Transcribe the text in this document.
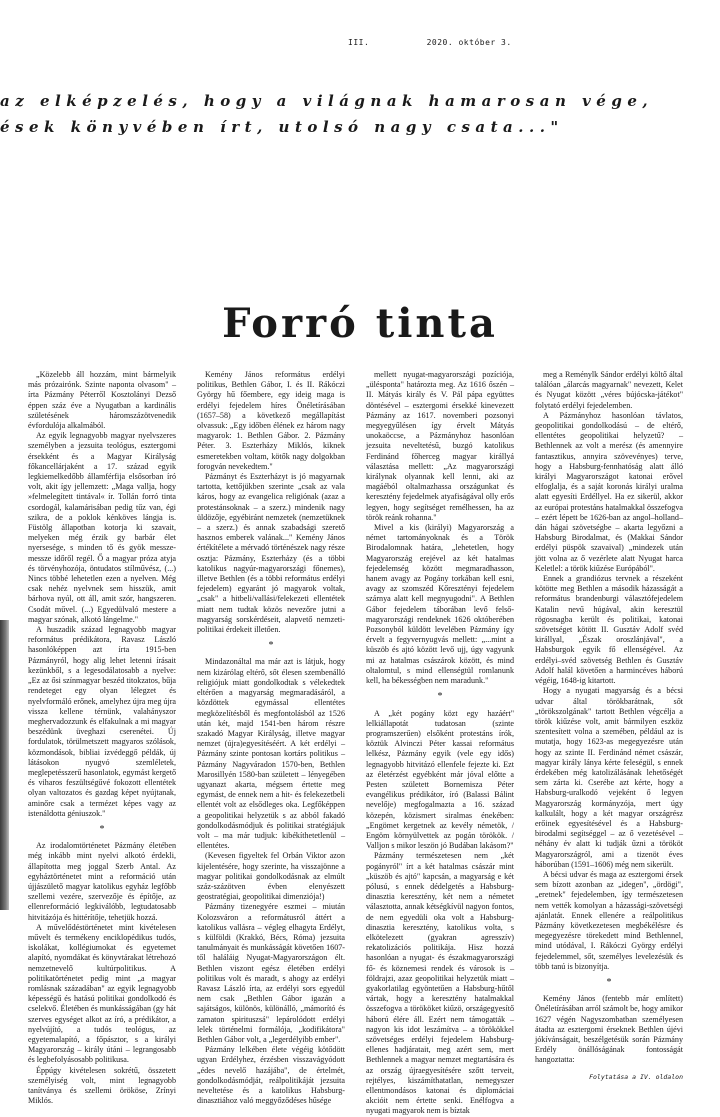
III.	2020. október 3.
az elképzelés, hogy a világnak hamarosan vége,
ések könyvében írt, utolsó nagy csata..."
Forró tinta

„Közelebb áll hozzám, mint bármelyik más prózairónk. Szinte naponta olvasom" – írta Pázmány Péterről Kosztolányi Dezső éppen száz éve a Nyugatban a kardinális születésének háromszázötvenedik évfordulója alkalmából.

Az egyik legnagyobb magyar nyelvszeres személyben a jezsuita teológus, esztergomi érsekként és a Magyar Királyság főkancellárjaként a 17. század egyik legkiemelkedőbb államférfija elsősorban író volt, akit így jellemzett: „Maga vallja, hogy »felmelegített tintával« ír. Tollán forró tinta csordogál, kalamárisában pedig tűz van, égi szikra, de a poklok kénköves lángja is. Füstölg állapotban kotorja ki szavait, melyeken még érzik gy barbár élet nyersesége, s minden tő és gyök messze-messze időről regél. Ő a magyar próza atyja és törvényhozója, öntudatos stílművész, (...) Nincs többé lehetetlen ezen a nyelven. Még csak nehéz nyelvnek sem hisszük, amit bárhova nyúl, ott áll, amit szór, hangszeren. Csodát művel. (...) Egyedülvaló mestere a magyar szónak, alkotó lángelme."

A huszadik század legnagyobb magyar református prédikátora, Ravasz László hasonlóképpen azt írta 1915-ben Pázmányról, hogy alig lehet letenni írásait kezünkből, s a legesodálatosabb a nyelve: „Ez az ősi színmagyar beszéd titokzatos, bűja rendeteget egy olyan lélegzet és nyelvformáló erőnek, amelyhez újra meg újra vissza kellene térnünk, valahányszor meghervadozzunk és elfakulnak a mi magyar beszédünk üveghazi cserenétei. Új fordulatok, törülmetszett magyaros szólások, közmondások, bibliai ízvédeggő példák, új látásokon nyugvó szemléletek, meglepetésszerű hasonlatok, egymást kergető és viharos feszültségűvé fokozott ellentétek olyan valtozatos és gazdag képet nyújtanak, aminőre csak a termézet képes vagy az istenáldotta géniuszok."

*

Az irodalomtörténetet Pázmány életében még inkább mint nyelvi alkotó érdekli, állapította meg joggal Szerb Antal. Az egyháztörténetet mint a reformáció után újjászülető magyar katolikus egyház legfőbb szellemi vezére, szervezője és építője, az ellenreformáció legkiválóbb, legtudatosabb hitvitázója és hittérítője, tehetjük hozzá.

A művelődéstörténetet mint kivételesen művelt és termékeny enciklopédikus tudós, iskolákat, kollégiumokat és egyetemet alapító, nyomdákat és könyvtárakat létrehozó nemzetnevelő kultúrpolitikus. A politikatörténetet pedig mint „a magyar romlásnak századában" az egyik legnagyobb képességű és hatású politikai gondolkodó és cselekvő. Életében és munkásságában (gy hát szerves egységet alkot az író, a prédikátor, a nyelvújító, a tudós teológus, az egyetemalapító, a főpásztor, s a királyi Magyarország – király útáni – legrangosabb és legbefolyásosabb politikusa.

Éppúgy kivételesen sokrétű, összetett személyiség volt, mint legnagyobb tanítványa és szellemi örököse, Zrínyi Miklós.

Kemény János református erdélyi politikus, Bethlen Gábor, I. és II. Rákóczi György hű főembere, egy ideig maga is erdélyi fejedelem híres Önéletírásában (1657–58) a következő megállapítást olvassuk: „Egy időben élének ez három nagy magyarok: 1. Bethlen Gábor. 2. Pázmány Péter. 3. Eszterházy Miklós, kiknek esmeretekben voltam, kötők nagy dolgokban forogván nevekedtem."

Pázmányt és Eszterházyt is jó magyarnak tartotta, kettőjükben szerinte „csak az vala káros, hogy az evangelica religiónak (azaz a protestánsoknak – a szerz.) mindenik nagy üldözője, egyébiránt nemzetek (nemzetüknek – a szerz.) és annak szabadsági szerető hasznos emberek valának..." Kemény János értékítélete a mérvadó történészek nagy része osztja: Pázmány, Eszterházy (és a többi katolikus nagyúr-magyarországi főnemes), illetve Bethlen (és a többi református erdélyi fejedelem) egyaránt jó magyarok voltak, „csak" a hitbeli/vallási/felekezeti ellentétek miatt nem tudtak közös nevezőre jutni a magyarság sorskérdéseit, alapvető nemzeti-politikai érdekeit illetően.

*

Mindazonáltal ma már azt is látjuk, hogy nem kizárólag eltérő, sőt élesen szembenálló religiójuk miatt gondolkodtak s vélekedtek eltérően a magyarság megmaradásáról, a közdöttek egymással ellentétes megközelítésből és megfontolásból az 1526 után két, majd 1541-ben három részre szakadó Magyar Királyság, illetve magyar nemzet (újra)egyesítéséért. A két erdélyi – Pázmány szinte pontosan kortárs politikus – Pázmány Nagyváradon 1570-ben, Bethlen Marosillyén 1580-ban született – lényegében ugyanazt akarta, mégsem értette meg egymást, de ennek nem a hit- és felekezetbeli ellentét volt az elsődleges oka. Legfőképpen a geopolitikai helyzetük s az abból fakadó gondolkodásmódjuk és politikai stratégiájuk volt – ma már tudjuk: kibékíthetetlenül – ellentétes.

(Kevesen figyeltek fel Orbán Viktor azon kijelentésére, hogy szerinte, ha visszajönne a magyar politikai gondolkodásnak az elmúlt száz-százötven évben elenyészett geostratégiai, geopolitikai dimenziója!)

Pázmány tizenegyére eszmei – miután Kolozsváron a reformátusról áttért a katolikus vallásra – végleg elhagyta Erdélyt, s külföldi (Krakkó, Bécs, Róma) jezsuita tanulmányait és munkásságát követően 1607-től haláláig Nyugat-Magyarországon élt. Bethlen viszont egész életében erdélyi politikus volt és maradt, s ahogy az erdélyi Ravasz László írta, az erdélyi sors egyedül nem csak „Bethlen Gábor igazán a sajátságos, különös, különálló, „mámorító és zamaton spirituszsá" lepárolódott erdélyi lelek történelmi formálója, „kodifikátora" Bethlen Gábor volt, a „legerdélyibb ember".

Pázmány lelkében élete végéig kötődött ugyan Erdélyhez, érzésben visszavágyódott „édes nevelő hazájába", de értelmét, gondolkodásmódját, reálpolitikáját jezsuita neveltetése és a katolikus Habsburg-dinasztiához való meggyőződéses hűsége

mellett nyugat-magyarországi pozíciója, „ülésponta" határozta meg. Az 1616 őszén – II. Mátyás király és V. Pál pápa együttes döntésével – esztergomi érsekké kinevezett Pázmány az 1617. novemberi pozsonyi megyegyűlésen így érvelt Mátyás unokaöccse, a Pázmányhoz hasonlóan jezsuita neveltetésű, buzgó katolikus Ferdinánd főherceg magyar királlyá választása mellett: „Az magyarországi királynak olyannak kell lenni, aki az magáéból oltalmazhassa országunkat és keresztény fejedelmek atyafiságával olly erős legyen, hogy segítséget remélhessen, ha az török reánk rohanna."

Mivel a kis (királyi) Magyarország a német tartományoknak és a Török Birodalomnak határa, „lehetetlen, hogy Magyarország erejével az két hatalmas fejedelemség között megmaradhasson, hanem avagy az Pogány torkában kell esni, avagy az szomszéd Kőresztényi fejedelem szárnya alatt kell megnyugodni". A Bethlen Gábor fejedelem táborában levő felső-magyarországi rendeknek 1626 októberében Pozsonyból küldött levelében Pázmány így érvelt a fegyvernyugvás mellett: „...mint a küszöb és ajtó között levő ujj, úgy vagyunk mi az hatalmas császárok között, és mind oltalomtul, s mind ellenségtül romlanunk kell, ha békességben nem maradunk."

*

A „két pogány közt egy hazáért" lelkiállapotát tudatosan (szinte programszerűen) elsőként protestáns írók, köztük Alvinczi Péter kassai református lelkész, Pázmány egyik (vele egy idős) legnagyobb hitvitázó ellenfele fejezte ki. Ezt az életérzést egyébként már jóval előtte a Pesten született Bornemisza Péter evangélikus prédikátor, író (Balassi Bálint nevelője) megfogalmazta a 16. század közepén, közismert siralmas énekében: „Engömet kergetnek az kevély németök, / Engöm környülvettek az pogán törökök. / Valljon s mikor leszön jó Budában lakásom?"

Pázmány természetesen nem „két pogányról" írt a két hatalmas császár mint „küszöb és ajtó" kapcsán, a magyarság e két pólusú, s ennek dédelgetés a Habsburg-dinasztia keresztény, két nem a németet választotta, annak kétségkívül nagyon fontos, de nem egyedüli oka volt a Habsburg-dinasztia keresztény, katolikus volta, s elkötelezett (gyakran agresszív) rekatolizációs politikája. Hisz hozzá hasonlóan a nyugat- és északmagyarországi fő- és köznemesi rendek és városok is – földrajzi, azaz geopolitikai helyzetük miatt – gyakorlatilag egyöntetűen a Habsburg-hűtől vártak, hogy a keresztény hatalmakkal összefogva a törököket kiűzö, országegyesítő háború élére áll. Ezért nem támogatták – nagyon kis idot leszámítva – a törökökkel szövetséges erdélyi fejedelem Habsburg-ellenes hadjáratait, meg azért sem, mert Bethlennek a magyar nemzet megtartására és az ország újraegyesítésére szőtt terveit, rejtélyes, kiszámíthatatlan, nemegyszer ellentmondásos katonai és diplomáciai akcióit nem értette senki. Enélfogva a nyugati magyarok nem is bíztak

meg a Reménylk Sándor erdélyi költő által találóan „álarcás magyarnak" nevezett, Kelet és Nyugat között „véres bújócska-játékot" folytató erdélyi fejedelemben.

A Pázmányhoz hasonlóan távlatos, geopolitikai gondolkodású – de eltérő, ellentétes geopolitikai helyzetű? – Bethlennek az volt a merész (és amennyire fantasztikus, annyira szövevényes) terve, hogy a Habsburg-fennhatóság alatt álló királyi Magyarországot katonai erővel elfoglalja, és a saját koronás királyi uralma alatt egyesíti Erdéllyel. Ha ez sikerül, akkor az európai protestáns hatalmakkal összefogva – ezért lépett be 1626-ban az angol–holland–dán hágai szövetségbe – akarta legyőzni a Habsburg Birodalmat, és (Makkai Sándor erdélyi püspök szavaival) „mindezek után jött volna az ő vezérlete alatt Nyugat harca Keletlel: a török kiűzése Európából".

Ennek a grandiózus tervnek a részeként kötötte meg Bethlen a második házasságát a református brandenburgi választófejedelem Katalin nevű húgával, akin keresztül rögosnagba került és politikai, katonai szövetséget kötött II. Gusztáv Adolf svéd királlyal, „Észak oroszlánjával", a Habsburgok egyik fő ellenségével. Az erdélyi–svéd szövetség Bethlen és Gusztáv Adolf halál követően a harmincéves háború végéig, 1648-ig kitartott.

Hogy a nyugati magyarság és a bécsi udvar által törökbarátnak, sőt „törökszolgának" tartott Bethlen végcélja a török kiűzése volt, amit bármilyen eszköz szentesített volna a szemében, például az is mutatja, hogy 1623-as megegyezésre után hogy az szinte II. Ferdinánd német császár, magyar király lánya kérte feleségül, s ennek érdekében még katolizálásának lehetőségét sem zárta ki. Cserébe azt kérte, hogy a Habsburg-uralkodó vejeként ő legyen Magyarország kormányzója, mert úgy kalkulált, hogy a két magyar országrész erőinek egyesítésével és a Habsburg-birodalmi segítséggel – az ő vezetésével – néhány év alatt ki tudják űzni a törököt Magyarországról, ami a tizenöt éves háborúban (1591–1606) még nem sikerült.

A bécsi udvar és maga az esztergomi érsek sem bízott azonban az „idegen", „ördögi", „eretnek" fejedelemben, így természetesen nem vették komolyan a házassági-szövetségi ajánlatát. Ennek ellenére a reálpolitikus Pázmány következetesen megbékélésre és megegyezésre törekedett mind Bethlennel, mind utódával, I. Rákóczi György erdélyi fejedelemmel, sőt, személyes levelezésük és több tanú is bizonyítja.

*

Kemény János (fentebb már említett) Önéletírásában arról számolt be, hogy amikor 1627 végén Nagyszombatban személyesen átadta az esztergomi érseknek Bethlen újévi jókívánságait, beszélgetésük során Pázmány Erdély önállóságának fontosságát hangoztatta:

Folytatása a IV. oldalon
